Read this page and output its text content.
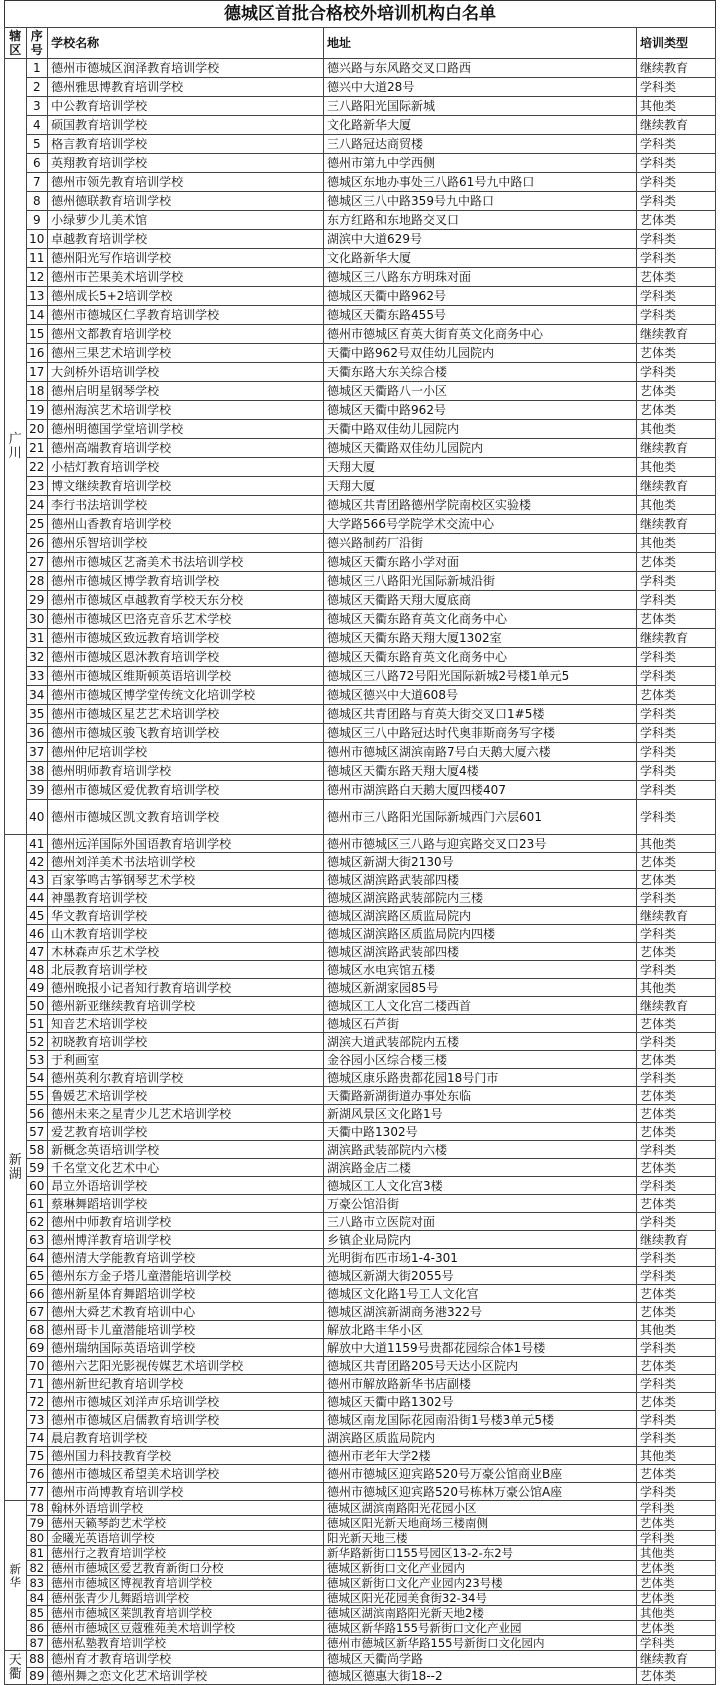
德城区首批合格校外培训机构白名单
辖区	序号	学校名称	地址	培训类型
广川	1	德州市德城区润泽教育培训学校	德兴路与东风路交叉口路西	继续教育
	2	德州雅思博教育培训学校	德兴中大道28号	学科类
	3	中公教育培训学校	三八路阳光国际新城	其他类
	4	硕国教育培训学校	文化路新华大厦	继续教育
	5	格言教育培训学校	三八路冠达商贸楼	学科类
	6	英翔教育培训学校	德州市第九中学西侧	学科类
	7	德州市领先教育培训学校	德城区东地办事处三八路61号九中路口	学科类
	8	德州德联教育培训学校	德城区三八中路359号九中路口	学科类
	9	小绿萝少儿美术馆	东方红路和东地路交叉口	艺体类
	10	卓越教育培训学校	湖滨中大道629号	学科类
	11	德州阳光写作培训学校	文化路新华大厦	学科类
	12	德州市芒果美术培训学校	德城区三八路东方明珠对面	艺体类
	13	德州成长5+2培训学校	德城区天衢中路962号	学科类
	14	德州市德城区仁孚教育培训学校	德城区天衢东路455号	学科类
	15	德州文都教育培训学校	德州市德城区育英大街育英文化商务中心	继续教育
	16	德州三果艺术培训学校	天衢中路962号双佳幼儿园院内	艺体类
	17	大剑桥外语培训学校	天衢东路大东关综合楼	学科类
	18	德州启明星钢琴学校	德城区天衢路八一小区	艺体类
	19	德州海滨艺术培训学校	德城区天衢中路962号	艺体类
	20	德州明德国学堂培训学校	天衢中路双佳幼儿园院内	其他类
	21	德州高端教育培训学校	德城区天衢路双佳幼儿园院内	继续教育
	22	小桔灯教育培训学校	天翔大厦	其他类
	23	博文继续教育培训学校	天翔大厦	继续教育
	24	李行书法培训学校	德城区共青团路德州学院南校区实验楼	其他类
	25	德州山香教育培训学校	大学路566号学院学术交流中心	继续教育
	26	德州乐智培训学校	德兴路制药厂沿街	其他类
	27	德州市德城区艺斋美术书法培训学校	德城区天衢东路小学对面	艺体类
	28	德州市德城区博学教育培训学校	德城区三八路阳光国际新城沿街	学科类
	29	德州市德城区卓越教育学校天东分校	德城区天衢路天翔大厦底商	学科类
	30	德州市德城区巴洛克音乐艺术学校	德城区天衢东路育英文化商务中心	艺体类
	31	德州市德城区致远教育培训学校	德城区天衢东路天翔大厦1302室	继续教育
	32	德州市德城区恩沐教育培训学校	德城区天衢东路育英文化商务中心	学科类
	33	德州市德城区维斯顿英语培训学校	德城区三八路72号阳光国际新城2号楼1单元5	学科类
	34	德州市德城区博学堂传统文化培训学校	德城区德兴中大道608号	艺体类
	35	德州市德城区星艺艺术培训学校	德城区共青团路与育英大街交叉口1#5楼	学科类
	36	德州市德城区骏飞教育培训学校	德城区三八中路冠达时代奥菲斯商务写字楼	学科类
	37	德州仲尼培训学校	德州市德城区湖滨南路7号白天鹅大厦六楼	学科类
	38	德州明师教育培训学校	德城区天衢东路天翔大厦4楼	学科类
	39	德州市德城区爱优教育培训学校	德州市湖滨路白天鹅大厦四楼407	学科类
	40	德州市德城区凯文教育培训学校	德州市三八路阳光国际新城西门六层601	学科类
新湖	41	德州远洋国际外国语教育培训学校	德州市德城区三八路与迎宾路交叉口23号	其他类
	42	德州刘洋美术书法培训学校	德城区新湖大街2130号	艺体类
	43	百家筝鸣古筝钢琴艺术学校	德城区湖滨路武装部四楼	艺体类
	44	神墨教育培训学校	德城区湖滨路武装部院内三楼	学科类
	45	华文教育培训学校	德城区湖滨路区质监局院内	继续教育
	46	山木教育培训学校	德城区湖滨路区质监局院内四楼	学科类
	47	木林森声乐艺术学校	德城区湖滨路武装部四楼	艺体类
	48	北辰教育培训学校	德城区水电宾馆五楼	学科类
	49	德州晚报小记者知行教育培训学校	德城区新湖家园85号	其他类
	50	德州新亚继续教育培训学校	德城区工人文化宫二楼西首	继续教育
	51	知音艺术培训学校	德城区石芦街	艺体类
	52	初晓教育培训学校	湖滨大道武装部院内五楼	学科类
	53	于利画室	金谷园小区综合楼三楼	艺体类
	54	德州英利尔教育培训学校	德城区康乐路贵都花园18号门市	学科类
	55	鲁媛艺术培训学校	天衢路新湖街道办事处东临	艺体类
	56	德州未来之星青少儿艺术培训学校	新湖风景区文化路1号	艺体类
	57	爱艺教育培训学校	天衢中路1302号	艺体类
	58	新概念英语培训学校	湖滨路武装部院内六楼	学科类
	59	千名堂文化艺术中心	湖滨路金店二楼	艺体类
	60	昂立外语培训学校	德城区工人文化宫3楼	学科类
	61	蔡琳舞蹈培训学校	万豪公馆沿街	艺体类
	62	德州中师教育培训学校	三八路市立医院对面	学科类
	63	德州博洋教育培训学校	乡镇企业局院内	继续教育
	64	德州清大学能教育培训学校	光明街布匹市场1-4-301	学科类
	65	德州东方金子塔儿童潜能培训学校	德城区新湖大街2055号	学科类
	66	德州新星体育舞蹈培训学校	德城区文化路1号工人文化宫	艺体类
	67	德州大舜艺术教育培训中心	德城区湖滨新湖商务港322号	艺体类
	68	德州哥卡儿童潜能培训学校	解放北路丰华小区	其他类
	69	德州瑞纳国际英语培训学校	解放中大道1159号贵都花园综合体1号楼	学科类
	70	德州六艺阳光影视传媒艺术培训学校	德城区共青团路205号天达小区院内	艺体类
	71	德州新世纪教育培训学校	德州市解放路新华书店副楼	学科类
	72	德州市德城区刘洋声乐培训学校	德城区天衢中路1302号	艺体类
	73	德州市德城区启儒教育培训学校	德城区南龙国际花园南沿街1号楼3单元5楼	学科类
	74	晨启教育培训学校	湖滨路区质监局院内	学科类
	75	德州国力科技教育学校	德州市老年大学2楼	其他类
	76	德州市德城区希望美术培训学校	德州市德城区迎宾路520号万豪公馆商业B座	艺体类
	77	德州市尚博教育培训学校	德州市德城区迎宾路520号栋林万豪公馆A座	学科类
新华	78	翰林外语培训学校	德城区湖滨南路阳光花园小区	学科类
	79	德州天籁琴韵艺术学校	德城区阳光新天地商场三楼南侧	艺体类
	80	金曦光英语培训学校	阳光新天地三楼	学科类
	81	德州行之教育培训学校	新华路新街口155号园区13-2-东2号	其他类
	82	德州市德城区爱艺教育新街口分校	德城区新街口文化产业园内	艺体类
	83	德州市德城区博视教育培训学校	德城区新街口文化产业园内23号楼	艺体类
	84	德州张青少儿舞蹈培训学校	德城区阳光花园美食街32-34号	艺体类
	85	德州市德城区莱凯教育培训学校	德城区湖滨南路阳光新天地2楼	其他类
	86	德州市德城区豆蔻雅苑美术培训学校	德城区新华路155号新街口文化产业园	艺体类
	87	德州私塾教育培训学校	德州市德城区新华路155号新街口文化园内	学科类
天衢	88	德州育才教育培训学校	德城区天衢尚学路	继续教育
	89	德州舞之恋文化艺术培训学校	德城区德惠大街18--2	艺体类
